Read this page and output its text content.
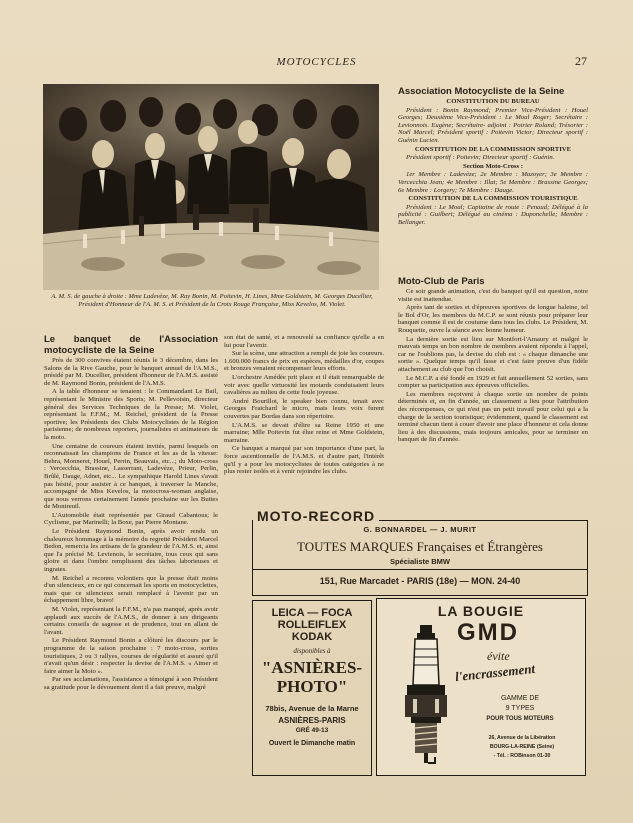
MOTOCYCLES	27
A. M. S. de gauche à droite : Mme Ladevèze, M. Ray Bonin, M. Poitevin, H. Lines, Mme Goldstein, M. Georges Ducellier, Président d'Honneur de l'A. M. S. et Président de la Croix Rouge Française, Miss Kevelos, M. Violet.

Le banquet de l'Association motocycliste de la Seine

Près de 300 convives étaient réunis le 3 décembre, dans les Salons de la Rive Gauche, pour le banquet annuel de l'A.M.S., présidé par M. Ducellier, président d'honneur de l'A.M.S. assisté de M. Raymond Bonin, président de l'A.M.S.

A la table d'honneur se tenaient : le Commandant Le Bail, représentant le Ministre des Sports; M. Pellevoisin, directeur général des Services Techniques de la Presse; M. Violet, représentant la F.F.M.; M. Reichel, président de la Presse sportive; les Présidents des Clubs Motocyclistes de la Région parisienne; de nombreux reporters, journalistes et animateurs de la moto.

Une centaine de coureurs étaient invités, parmi lesquels on reconnaissait les champions de France et les as de la vitesse: Behra, Monneret, Houel, Perrin, Beauvais, etc...; du Moto-cross : Vercecchia, Brassine, Lasserrant, Ladevèze, Prieur, Perlin, Brûlé, Dauge, Adnet, etc... Le sympathique Harold Lines s'avait pas hésité, pour assister à ce banquet, à traverser la Manche, accompagné de Miss Kevelos, la motocross-woman anglaise, que nous verrons certainement l'année prochaine sur les Buttes de Montreuil.

L'Automobile était représentée par Giraud Cabantous; le Cyclisme, par Marinelli; la Boxe, par Pierre Montane.

Le Président Raymond Bonin, après avoir rendu un chaleureux hommage à la mémoire du regretté Président Marcel Bedon, remercia les artisans de la grandeur de l'A.M.S. et, ainsi que l'a précisé M. Levienois, le secrétaire, tous ceux qui sans gloire et dans l'ombre remplissent des tâches laborieuses et ingrates.

M. Reichel a reconnu volontiers que la presse était moins d'un silencieux, en ce qui concernait les sports en motocyclettes, mais que ce silencieux serait remplacé à l'avenir par un échappement libre, bravo!

M. Violet, représentant la F.F.M., n'a pas manqué, après avoir applaudi aux succès de l'A.M.S., de donner à ses dirigeants certains conseils de sagesse et de prudence, tout en allant de l'avant.

Le Président Raymond Bonin a clôturé les discours par le programme de la saison prochaine : 7 moto-cross, sorties touristiques, 2 ou 3 rallyes, courses de régularité et assuré qu'il n'avait qu'un désir : respecter la devise de l'A.M.S. « Aimer et faire aimer la Moto ».

Par ses acclamations, l'assistance a témoigné à son Président sa gratitude pour le dévouement dont il a fait preuve, malgré

son état de santé, et a renouvelé sa confiance qu'elle a en lui pour l'avenir.

Sur la scène, une attraction a rempli de joie les coureurs. 1.600.000 francs de prix en espèces, médailles d'or, coupes et bronzes venaient récompenser leurs efforts.

L'orchestre Amédée prit place et il était remarquable de voir avec quelle virtuosité les motards conduisaient leurs cavalières au milieu de cette foule joyeuse.

André Bourillot, le speaker bien connu, tenait avec Georges Fraichard le micro, mais leurs voix furent couvertes par Bordas dans son répertoire.

L'A.M.S. se devait d'élire sa Reine 1950 et une marraine; Mlle Poitevin fut élue reine et Mme Goldstein, marraine.

Ce banquet a marqué par son importance d'une part, la force ascentionnelle de l'A.M.S. et d'autre part, l'intérêt qu'il y a pour les motocyclistes de toutes catégories à ne plus rester isolés et à venir rejoindre les clubs.

Association Motocycliste de la Seine

CONSTITUTION DU BUREAU

Président : Bonin Raymond; Premier Vice-Président : Houel Georges; Deuxième Vice-Président : Le Moal Roger; Secrétaire : Levionnois. Eugène; Secrétaire- adjoint : Poirier Roland; Trésorier : Noël Marcel; Président sportif : Poitevin Victor; Directeur sportif : Guénin Lucien.

CONSTITUTION DE LA COMMISSION SPORTIVE

Président sportif : Poitevin; Directeur sportif : Guénin.

Section Moto-Cross :

1er Membre : Ladevèze; 2e Membre : Mazoyer; 3e Membre : Vercecchia Jean; 4e Membre : Illat; 5e Membre : Brassine Georges; 6e Membre : Lorgery; 7e Membre : Dauge.

CONSTITUTION DE LA COMMISSION TOURISTIQUE

Président : Le Moal; Capitaine de route : Penaud; Délégué à la publicité : Guilbert; Délégué au cinéma : Duponchelle; Membre : Bellanger.

Moto-Club de Paris

Ce soir grande animation, c'est du banquet qu'il est question, notre visite est inattendue.

Après tant de sorties et d'épreuves sportives de longue haleine, tel le Bol d'Or, les membres du M.C.P. se sont réunis pour préparer leur banquet comme il est de coutume dans tous les clubs. Le Président, M. Rouquette, ouvre la séance avec bonne humeur.

La dernière sortie est lieu sur Montfort-l'Amaury et malgré le mauvais temps un bon nombre de membres avaient répondu à l'appel, car ne l'oublions pas, la devise du club est : « chaque dimanche une sortie ». Quelque temps qu'il fasse et c'est faire preuve d'un fidèle attachement au club que l'on choisit.

Le M.C.P. a été fondé en 1929 et fait annuellement 52 sorties, sans compter sa participation aux épreuves officielles.

Les membres reçoivent à chaque sortie un nombre de points déterminés et, en fin d'année, un classement a lieu pour l'attribution des récompenses, ce qui n'est pas un petit travail pour celui qui a la charge de la section touristique; évidemment, quand le classement est terminé chacun tient à couer d'avoir une place d'honneur et cela donne lieu à des discussions, mais toujours amicales, pour se terminer en banquet de fin d'année.

G. BONNARDEL — J. MURIT
TOUTES MARQUES Françaises et Étrangères
Spécialiste BMW
151, Rue Marcadet - PARIS (18e) — MON. 24-40
MOTO-RECORD
LEICA — FOCA
ROLLEIFLEX
KODAK
disponibles à
"ASNIÈRES-
PHOTO"
78bis, Avenue de la Marne
ASNIÈRES-PARIS
GRÉ 49-13
Ouvert le Dimanche matin
LA BOUGIE
GMD
évite
l'encrassement
GAMME DE
9 TYPES
POUR TOUS MOTEURS
26, Avenue de la Libération
BOURG-LA-REINE (Seine)
- Tél. : ROBinson 01-30
